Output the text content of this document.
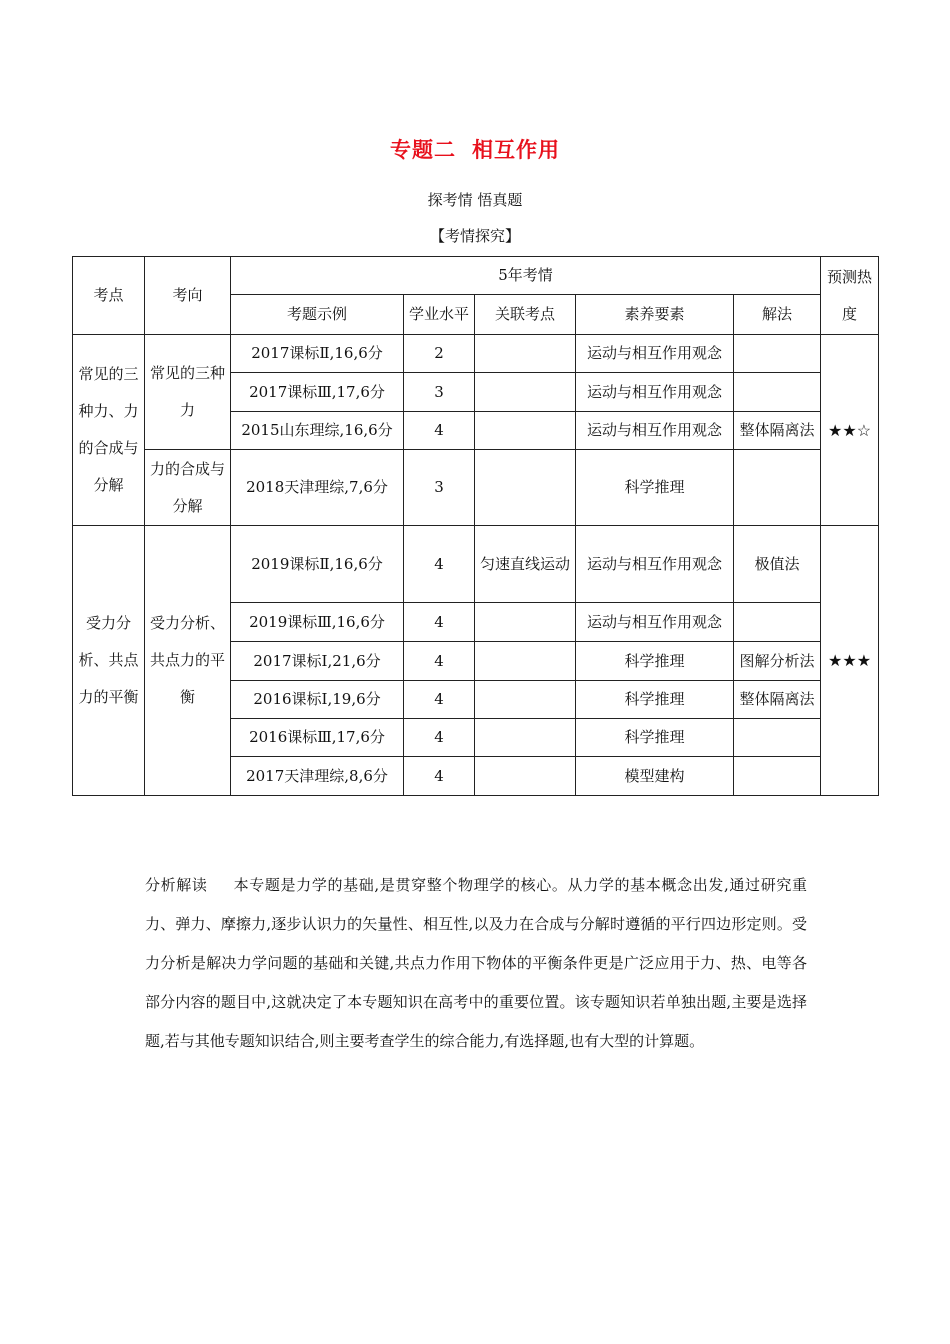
专题二 相互作用
探考情 悟真题
【考情探究】
考点	考向	5年考情					预测热度
		考题示例	学业水平	关联考点	素养要素	解法	
常见的三种力、力的合成与分解	常见的三种力	2017课标Ⅱ,16,6分	2		运动与相互作用观念		★★☆
		2017课标Ⅲ,17,6分	3		运动与相互作用观念		
		2015山东理综,16,6分	4		运动与相互作用观念	整体隔离法	
	力的合成与分解	2018天津理综,7,6分	3		科学推理		
受力分析、共点力的平衡	受力分析、共点力的平衡	2019课标Ⅱ,16,6分	4	匀速直线运动	运动与相互作用观念	极值法	★★★
		2019课标Ⅲ,16,6分	4		运动与相互作用观念		
		2017课标Ⅰ,21,6分	4		科学推理	图解分析法	
		2016课标Ⅰ,19,6分	4		科学推理	整体隔离法	
		2016课标Ⅲ,17,6分	4		科学推理		
		2017天津理综,8,6分	4		模型建构		
分析解读 本专题是力学的基础,是贯穿整个物理学的核心。从力学的基本概念出发,通过研究重力、弹力、摩擦力,逐步认识力的矢量性、相互性,以及力在合成与分解时遵循的平行四边形定则。受力分析是解决力学问题的基础和关键,共点力作用下物体的平衡条件更是广泛应用于力、热、电等各部分内容的题目中,这就决定了本专题知识在高考中的重要位置。该专题知识若单独出题,主要是选择题,若与其他专题知识结合,则主要考查学生的综合能力,有选择题,也有大型的计算题。
